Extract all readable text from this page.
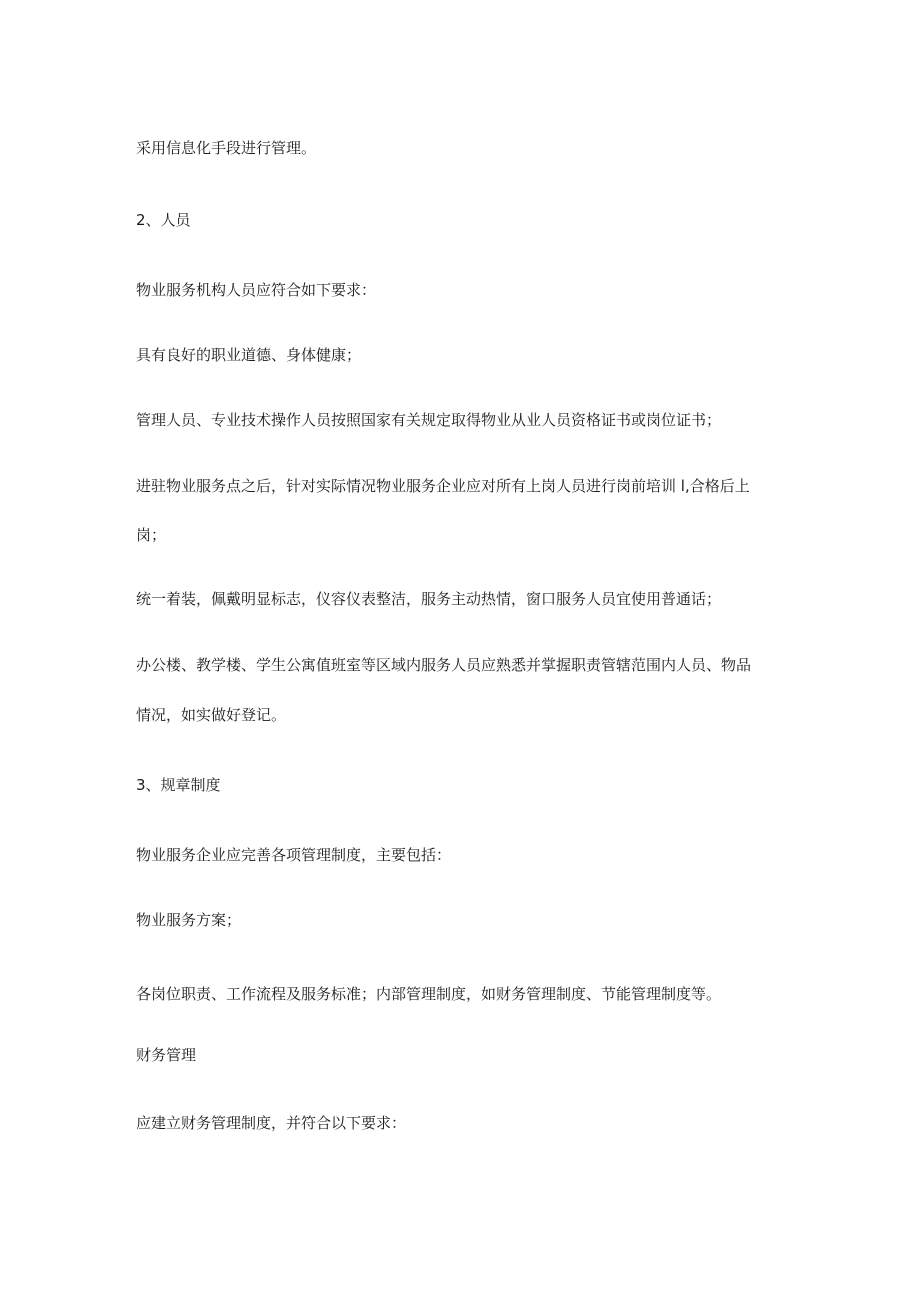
采用信息化手段进行管理。
2、人员
物业服务机构人员应符合如下要求：
具有良好的职业道德、身体健康；
管理人员、专业技术操作人员按照国家有关规定取得物业从业人员资格证书或岗位证书；
进驻物业服务点之后，针对实际情况物业服务企业应对所有上岗人员进行岗前培训 l,合格后上
岗；
统一着装，佩戴明显标志，仪容仪表整洁，服务主动热情，窗口服务人员宜使用普通话；
办公楼、教学楼、学生公寓值班室等区域内服务人员应熟悉并掌握职责管辖范围内人员、物品
情况，如实做好登记。
3、规章制度
物业服务企业应完善各项管理制度，主要包括：
物业服务方案；
各岗位职责、工作流程及服务标准；内部管理制度，如财务管理制度、节能管理制度等。
财务管理
应建立财务管理制度，并符合以下要求：
